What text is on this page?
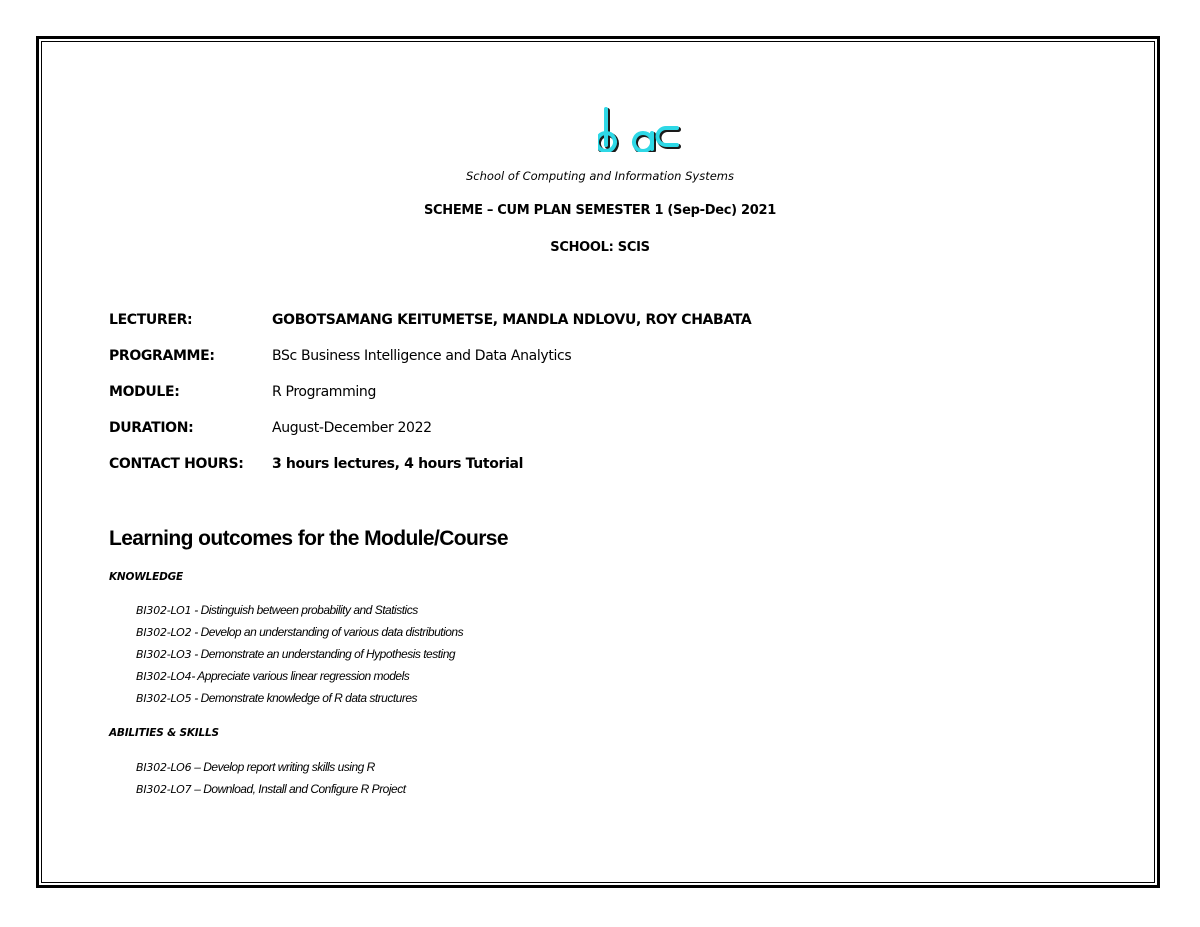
School of Computing and Information Systems
SCHEME – CUM PLAN SEMESTER 1 (Sep-Dec) 2021
SCHOOL: SCIS
LECTURER:	GOBOTSAMANG KEITUMETSE, MANDLA NDLOVU, ROY CHABATA
PROGRAMME:	BSc Business Intelligence and Data Analytics
MODULE:	R Programming
DURATION:	August-December 2022
CONTACT HOURS: 3 hours lectures, 4 hours Tutorial
Learning outcomes for the Module/Course
KNOWLEDGE
BI302-LO1 - Distinguish between probability and Statistics
BI302-LO2 - Develop an understanding of various data distributions
BI302-LO3 - Demonstrate an understanding of Hypothesis testing
BI302-LO4- Appreciate various linear regression models
BI302-LO5 - Demonstrate knowledge of R data structures
ABILITIES & SKILLS
BI302-LO6 – Develop report writing skills using R
BI302-LO7 – Download, Install and Configure R Project
